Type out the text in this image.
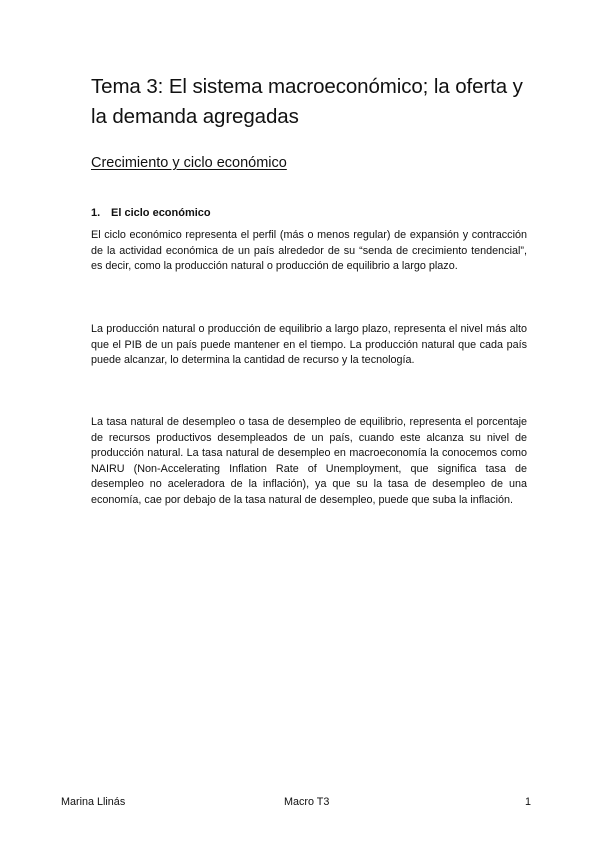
Tema 3: El sistema macroeconómico; la oferta y la demanda agregadas
Crecimiento y ciclo económico
1. El ciclo económico

El ciclo económico representa el perfil (más o menos regular) de expansión y contracción de la actividad económica de un país alrededor de su “senda de crecimiento tendencial”, es decir, como la producción natural o producción de equilibrio a largo plazo.

La producción natural o producción de equilibrio a largo plazo, representa el nivel más alto que el PIB de un país puede mantener en el tiempo. La producción natural que cada país puede alcanzar, lo determina la cantidad de recurso y la tecnología.

La tasa natural de desempleo o tasa de desempleo de equilibrio, representa el porcentaje de recursos productivos desempleados de un país, cuando este alcanza su nivel de producción natural. La tasa natural de desempleo en macroeconomía la conocemos como NAIRU (Non-Accelerating Inflation Rate of Unemployment, que significa tasa de desempleo no aceleradora de la inflación), ya que su la tasa de desempleo de una economía, cae por debajo de la tasa natural de desempleo, puede que suba la inflación.

Marina Llinás	Macro T3	1
